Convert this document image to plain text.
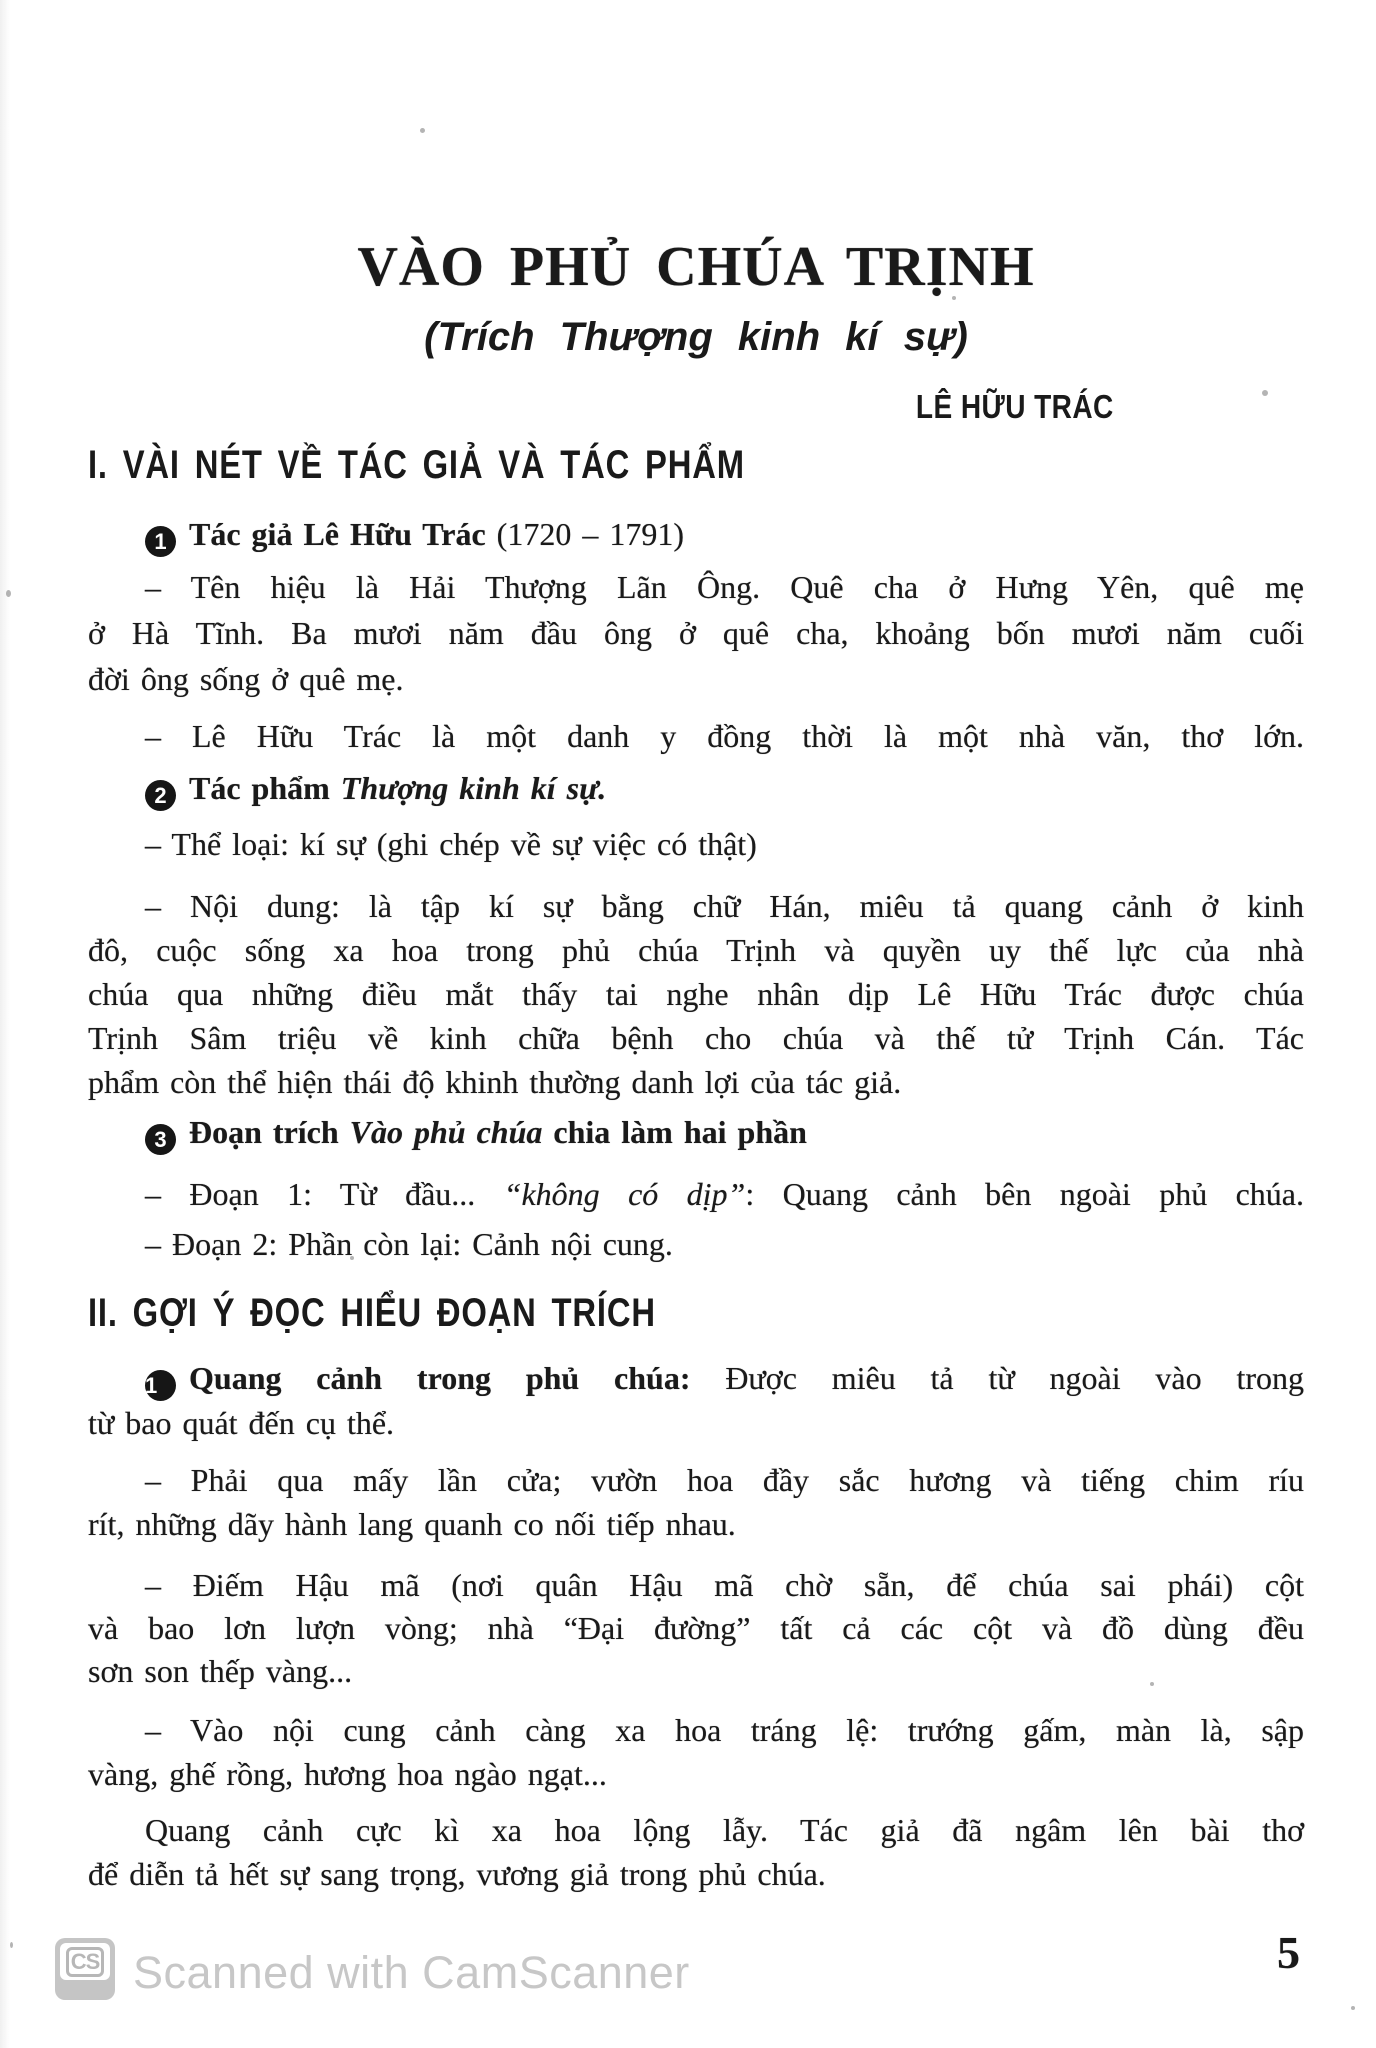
VÀO PHỦ CHÚA TRỊNH
(Trích Thượng kinh kí sự)
LÊ HỮU TRÁC
I. VÀI NÉT VỀ TÁC GIẢ VÀ TÁC PHẨM
1 Tác giả Lê Hữu Trác (1720 – 1791)
– Tên hiệu là Hải Thượng Lãn Ông. Quê cha ở Hưng Yên, quê mẹ
ở Hà Tĩnh. Ba mươi năm đầu ông ở quê cha, khoảng bốn mươi năm cuối
đời ông sống ở quê mẹ.
– Lê Hữu Trác là một danh y đồng thời là một nhà văn, thơ lớn.
2 Tác phẩm Thượng kinh kí sự.
– Thể loại: kí sự (ghi chép về sự việc có thật)
– Nội dung: là tập kí sự bằng chữ Hán, miêu tả quang cảnh ở kinh
đô, cuộc sống xa hoa trong phủ chúa Trịnh và quyền uy thế lực của nhà
chúa qua những điều mắt thấy tai nghe nhân dịp Lê Hữu Trác được chúa
Trịnh Sâm triệu về kinh chữa bệnh cho chúa và thế tử Trịnh Cán. Tác
phẩm còn thể hiện thái độ khinh thường danh lợi của tác giả.
3 Đoạn trích Vào phủ chúa chia làm hai phần
– Đoạn 1: Từ đầu... “không có dịp”: Quang cảnh bên ngoài phủ chúa.
– Đoạn 2: Phần còn lại: Cảnh nội cung.
II. GỢI Ý ĐỌC HIỂU ĐOẠN TRÍCH
1 Quang cảnh trong phủ chúa: Được miêu tả từ ngoài vào trong
từ bao quát đến cụ thể.
– Phải qua mấy lần cửa; vườn hoa đầy sắc hương và tiếng chim ríu
rít, những dãy hành lang quanh co nối tiếp nhau.
– Điếm Hậu mã (nơi quân Hậu mã chờ sẵn, để chúa sai phái) cột
và bao lơn lượn vòng; nhà “Đại đường” tất cả các cột và đồ dùng đều
sơn son thếp vàng...
– Vào nội cung cảnh càng xa hoa tráng lệ: trướng gấm, màn là, sập
vàng, ghế rồng, hương hoa ngào ngạt...
Quang cảnh cực kì xa hoa lộng lẫy. Tác giả đã ngâm lên bài thơ
để diễn tả hết sự sang trọng, vương giả trong phủ chúa.
CS Scanned with CamScanner	5
